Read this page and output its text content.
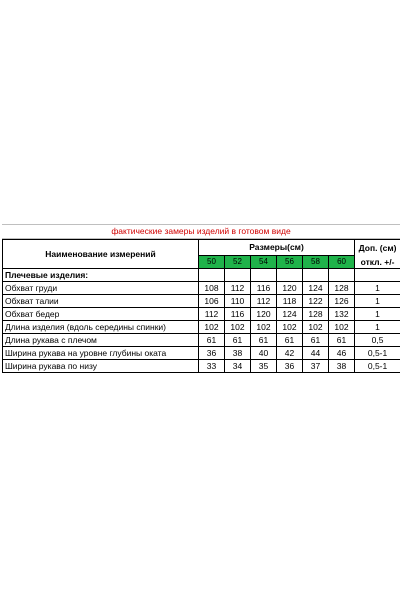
фактические замеры изделий в готовом виде
Наименование измерений	Размеры(см)						Доп. (см)
	50	52	54	56	58	60	откл. +/-
Плечевые изделия:							
Обхват груди	108	112	116	120	124	128	1
Обхват талии	106	110	112	118	122	126	1
Обхват бедер	112	116	120	124	128	132	1
Длина изделия (вдоль середины спинки)	102	102	102	102	102	102	1
Длина рукава с плечом	61	61	61	61	61	61	0,5
Ширина рукава на уровне глубины оката	36	38	40	42	44	46	0,5-1
Ширина рукава по низу	33	34	35	36	37	38	0,5-1
